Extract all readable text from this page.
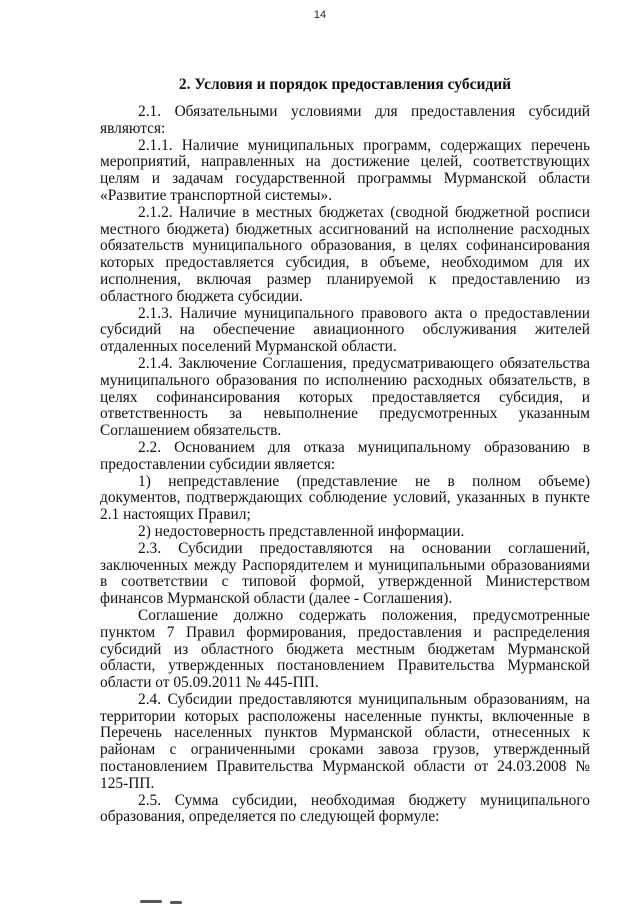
14
2. Условия и порядок предоставления субсидий

2.1. Обязательными условиями для предоставления субсидий являются:

2.1.1. Наличие муниципальных программ, содержащих перечень мероприятий, направленных на достижение целей, соответствующих целям и задачам государственной программы Мурманской области «Развитие транспортной системы».

2.1.2. Наличие в местных бюджетах (сводной бюджетной росписи местного бюджета) бюджетных ассигнований на исполнение расходных обязательств муниципального образования, в целях софинансирования которых предоставляется субсидия, в объеме, необходимом для их исполнения, включая размер планируемой к предоставлению из областного бюджета субсидии.

2.1.3. Наличие муниципального правового акта о предоставлении субсидий на обеспечение авиационного обслуживания жителей отдаленных поселений Мурманской области.

2.1.4. Заключение Соглашения, предусматривающего обязательства муниципального образования по исполнению расходных обязательств, в целях софинансирования которых предоставляется субсидия, и ответственность за невыполнение предусмотренных указанным Соглашением обязательств.

2.2. Основанием для отказа муниципальному образованию в предоставлении субсидии является:

1) непредставление (представление не в полном объеме) документов, подтверждающих соблюдение условий, указанных в пункте 2.1 настоящих Правил;

2) недостоверность представленной информации.

2.3. Субсидии предоставляются на основании соглашений, заключенных между Распорядителем и муниципальными образованиями в соответствии с типовой формой, утвержденной Министерством финансов Мурманской области (далее - Соглашения).

Соглашение должно содержать положения, предусмотренные пунктом 7 Правил формирования, предоставления и распределения субсидий из областного бюджета местным бюджетам Мурманской области, утвержденных постановлением Правительства Мурманской области от 05.09.2011 № 445-ПП.

2.4. Субсидии предоставляются муниципальным образованиям, на территории которых расположены населенные пункты, включенные в Перечень населенных пунктов Мурманской области, отнесенных к районам с ограниченными сроками завоза грузов, утвержденный постановлением Правительства Мурманской области от 24.03.2008 № 125-ПП.

2.5. Сумма субсидии, необходимая бюджету муниципального образования, определяется по следующей формуле:
